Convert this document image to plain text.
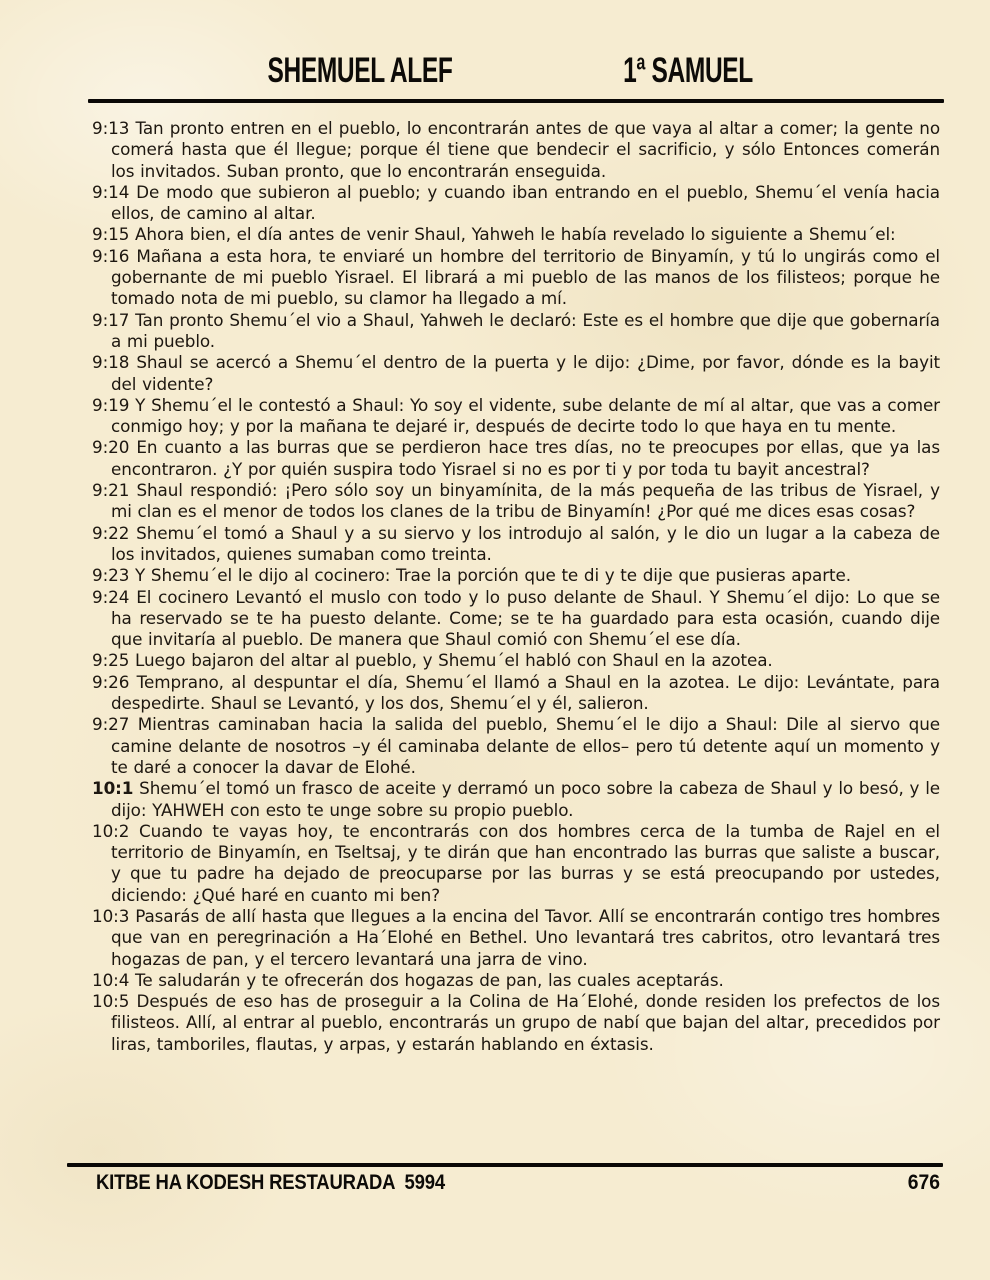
SHEMUEL ALEF	1ª SAMUEL

9:13 Tan pronto entren en el pueblo, lo encontrarán antes de que vaya al altar a comer; la gente no comerá hasta que él llegue; porque él tiene que bendecir el sacrificio, y sólo Entonces comerán los invitados. Suban pronto, que lo encontrarán enseguida.

9:14 De modo que subieron al pueblo; y cuando iban entrando en el pueblo, Shemu´el venía hacia ellos, de camino al altar.

9:15 Ahora bien, el día antes de venir Shaul, Yahweh le había revelado lo siguiente a Shemu´el:

9:16 Mañana a esta hora, te enviaré un hombre del territorio de Binyamín, y tú lo ungirás como el gobernante de mi pueblo Yisrael. El librará a mi pueblo de las manos de los filisteos; porque he tomado nota de mi pueblo, su clamor ha llegado a mí.

9:17 Tan pronto Shemu´el vio a Shaul, Yahweh le declaró: Este es el hombre que dije que gobernaría a mi pueblo.

9:18 Shaul se acercó a Shemu´el dentro de la puerta y le dijo: ¿Dime, por favor, dónde es la bayit del vidente?

9:19 Y Shemu´el le contestó a Shaul: Yo soy el vidente, sube delante de mí al altar, que vas a comer conmigo hoy; y por la mañana te dejaré ir, después de decirte todo lo que haya en tu mente.

9:20 En cuanto a las burras que se perdieron hace tres días, no te preocupes por ellas, que ya las encontraron. ¿Y por quién suspira todo Yisrael si no es por ti y por toda tu bayit ancestral?

9:21 Shaul respondió: ¡Pero sólo soy un binyamínita, de la más pequeña de las tribus de Yisrael, y mi clan es el menor de todos los clanes de la tribu de Binyamín! ¿Por qué me dices esas cosas?

9:22 Shemu´el tomó a Shaul y a su siervo y los introdujo al salón, y le dio un lugar a la cabeza de los invitados, quienes sumaban como treinta.

9:23 Y Shemu´el le dijo al cocinero: Trae la porción que te di y te dije que pusieras aparte.

9:24 El cocinero Levantó el muslo con todo y lo puso delante de Shaul. Y Shemu´el dijo: Lo que se ha reservado se te ha puesto delante. Come; se te ha guardado para esta ocasión, cuando dije que invitaría al pueblo. De manera que Shaul comió con Shemu´el ese día.

9:25 Luego bajaron del altar al pueblo, y Shemu´el habló con Shaul en la azotea.

9:26 Temprano, al despuntar el día, Shemu´el llamó a Shaul en la azotea. Le dijo: Levántate, para despedirte. Shaul se Levantó, y los dos, Shemu´el y él, salieron.

9:27 Mientras caminaban hacia la salida del pueblo, Shemu´el le dijo a Shaul: Dile al siervo que camine delante de nosotros –y él caminaba delante de ellos– pero tú detente aquí un momento y te daré a conocer la davar de Elohé.

10:1 Shemu´el tomó un frasco de aceite y derramó un poco sobre la cabeza de Shaul y lo besó, y le dijo: YAHWEH con esto te unge sobre su propio pueblo.

10:2 Cuando te vayas hoy, te encontrarás con dos hombres cerca de la tumba de Rajel en el territorio de Binyamín, en Tseltsaj, y te dirán que han encontrado las burras que saliste a buscar, y que tu padre ha dejado de preocuparse por las burras y se está preocupando por ustedes, diciendo: ¿Qué haré en cuanto mi ben?

10:3 Pasarás de allí hasta que llegues a la encina del Tavor. Allí se encontrarán contigo tres hombres que van en peregrinación a Ha´Elohé en Bethel. Uno levantará tres cabritos, otro levantará tres hogazas de pan, y el tercero levantará una jarra de vino.

10:4 Te saludarán y te ofrecerán dos hogazas de pan, las cuales aceptarás.

10:5 Después de eso has de proseguir a la Colina de Ha´Elohé, donde residen los prefectos de los filisteos. Allí, al entrar al pueblo, encontrarás un grupo de nabí que bajan del altar, precedidos por liras, tamboriles, flautas, y arpas, y estarán hablando en éxtasis.

KITBE HA KODESH RESTAURADA  5994	676
